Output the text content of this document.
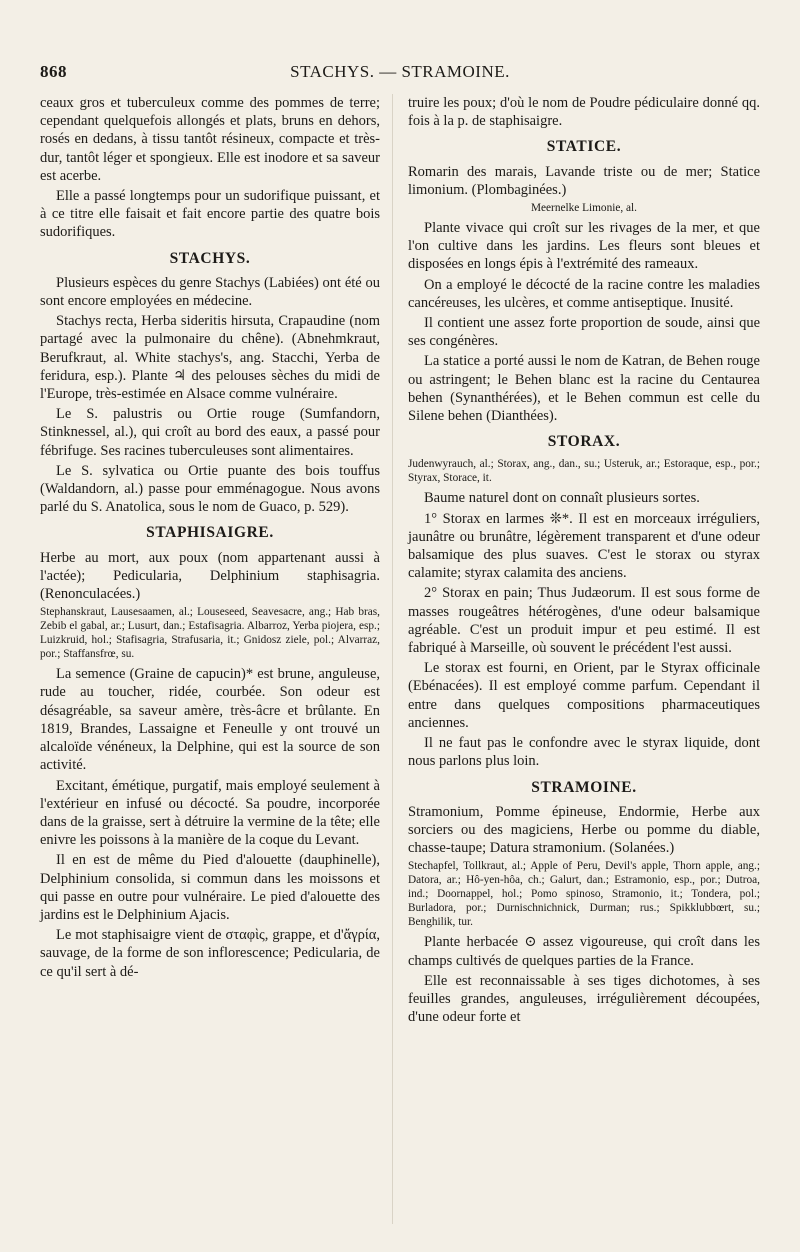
868	STACHYS. — STRAMOINE.

ceaux gros et tuberculeux comme des pommes de terre; cependant quelquefois allongés et plats, bruns en dehors, rosés en dedans, à tissu tantôt résineux, compacte et très-dur, tantôt léger et spongieux. Elle est inodore et sa saveur est acerbe.

Elle a passé longtemps pour un sudorifique puissant, et à ce titre elle faisait et fait encore partie des quatre bois sudorifiques.

STACHYS.

Plusieurs espèces du genre Stachys (Labiées) ont été ou sont encore employées en médecine.

Stachys recta, Herba sideritis hirsuta, Crapaudine (nom partagé avec la pulmonaire du chêne). (Abnehmkraut, Berufkraut, al. White stachys's, ang. Stacchi, Yerba de feridura, esp.). Plante ♃ des pelouses sèches du midi de l'Europe, très-estimée en Alsace comme vulnéraire.

Le S. palustris ou Ortie rouge (Sumfandorn, Stinknessel, al.), qui croît au bord des eaux, a passé pour fébrifuge. Ses racines tuberculeuses sont alimentaires.

Le S. sylvatica ou Ortie puante des bois touffus (Waldandorn, al.) passe pour emménagogue. Nous avons parlé du S. Anatolica, sous le nom de Guaco, p. 529).

STAPHISAIGRE.

Herbe au mort, aux poux (nom appartenant aussi à l'actée); Pedicularia, Delphinium staphisagria. (Renonculacées.)

Stephanskraut, Lausesaamen, al.; Louseseed, Seavesacre, ang.; Hab bras, Zebib el gabal, ar.; Lusurt, dan.; Estafisagria. Albarroz, Yerba piojera, esp.; Luizkruid, hol.; Stafisagria, Strafusaria, it.; Gnidosz ziele, pol.; Alvarraz, por.; Staffansfrœ, su.

La semence (Graine de capucin)* est brune, anguleuse, rude au toucher, ridée, courbée. Son odeur est désagréable, sa saveur amère, très-âcre et brûlante. En 1819, Brandes, Lassaigne et Feneulle y ont trouvé un alcaloïde vénéneux, la Delphine, qui est la source de son activité.

Excitant, émétique, purgatif, mais employé seulement à l'extérieur en infusé ou décocté. Sa poudre, incorporée dans de la graisse, sert à détruire la vermine de la tête; elle enivre les poissons à la manière de la coque du Levant.

Il en est de même du Pied d'alouette (dauphinelle), Delphinium consolida, si commun dans les moissons et qui passe en outre pour vulnéraire. Le pied d'alouette des jardins est le Delphinium Ajacis.

Le mot staphisaigre vient de σταφὶς, grappe, et d'ἄγρία, sauvage, de la forme de son inflorescence; Pedicularia, de ce qu'il sert à dé-

truire les poux; d'où le nom de Poudre pédiculaire donné qq. fois à la p. de staphisaigre.

STATICE.

Romarin des marais, Lavande triste ou de mer; Statice limonium. (Plombaginées.)

Meernelke Limonie, al.

Plante vivace qui croît sur les rivages de la mer, et que l'on cultive dans les jardins. Les fleurs sont bleues et disposées en longs épis à l'extrémité des rameaux.

On a employé le décocté de la racine contre les maladies cancéreuses, les ulcères, et comme antiseptique. Inusité.

Il contient une assez forte proportion de soude, ainsi que ses congénères.

La statice a porté aussi le nom de Katran, de Behen rouge ou astringent; le Behen blanc est la racine du Centaurea behen (Synanthérées), et le Behen commun est celle du Silene behen (Dianthées).

STORAX.

Judenwyrauch, al.; Storax, ang., dan., su.; Usteruk, ar.; Estoraque, esp., por.; Styrax, Storace, it.

Baume naturel dont on connaît plusieurs sortes.

1° Storax en larmes ❊*. Il est en morceaux irréguliers, jaunâtre ou brunâtre, légèrement transparent et d'une odeur balsamique des plus suaves. C'est le storax ou styrax calamite; styrax calamita des anciens.

2° Storax en pain; Thus Judæorum. Il est sous forme de masses rougeâtres hétérogènes, d'une odeur balsamique agréable. C'est un produit impur et peu estimé. Il est fabriqué à Marseille, où souvent le précédent l'est aussi.

Le storax est fourni, en Orient, par le Styrax officinale (Ebénacées). Il est employé comme parfum. Cependant il entre dans quelques compositions pharmaceutiques anciennes.

Il ne faut pas le confondre avec le styrax liquide, dont nous parlons plus loin.

STRAMOINE.

Stramonium, Pomme épineuse, Endormie, Herbe aux sorciers ou des magiciens, Herbe ou pomme du diable, chasse-taupe; Datura stramonium. (Solanées.)

Stechapfel, Tollkraut, al.; Apple of Peru, Devil's apple, Thorn apple, ang.; Datora, ar.; Hô-yen-hôa, ch.; Galurt, dan.; Estramonio, esp., por.; Dutroa, ind.; Doornappel, hol.; Pomo spinoso, Stramonio, it.; Tondera, pol.; Burladora, por.; Durnischnichnick, Durman; rus.; Spikklubbœrt, su.; Benghilik, tur.

Plante herbacée ⊙ assez vigoureuse, qui croît dans les champs cultivés de quelques parties de la France.

Elle est reconnaissable à ses tiges dichotomes, à ses feuilles grandes, anguleuses, irrégulièrement découpées, d'une odeur forte et
